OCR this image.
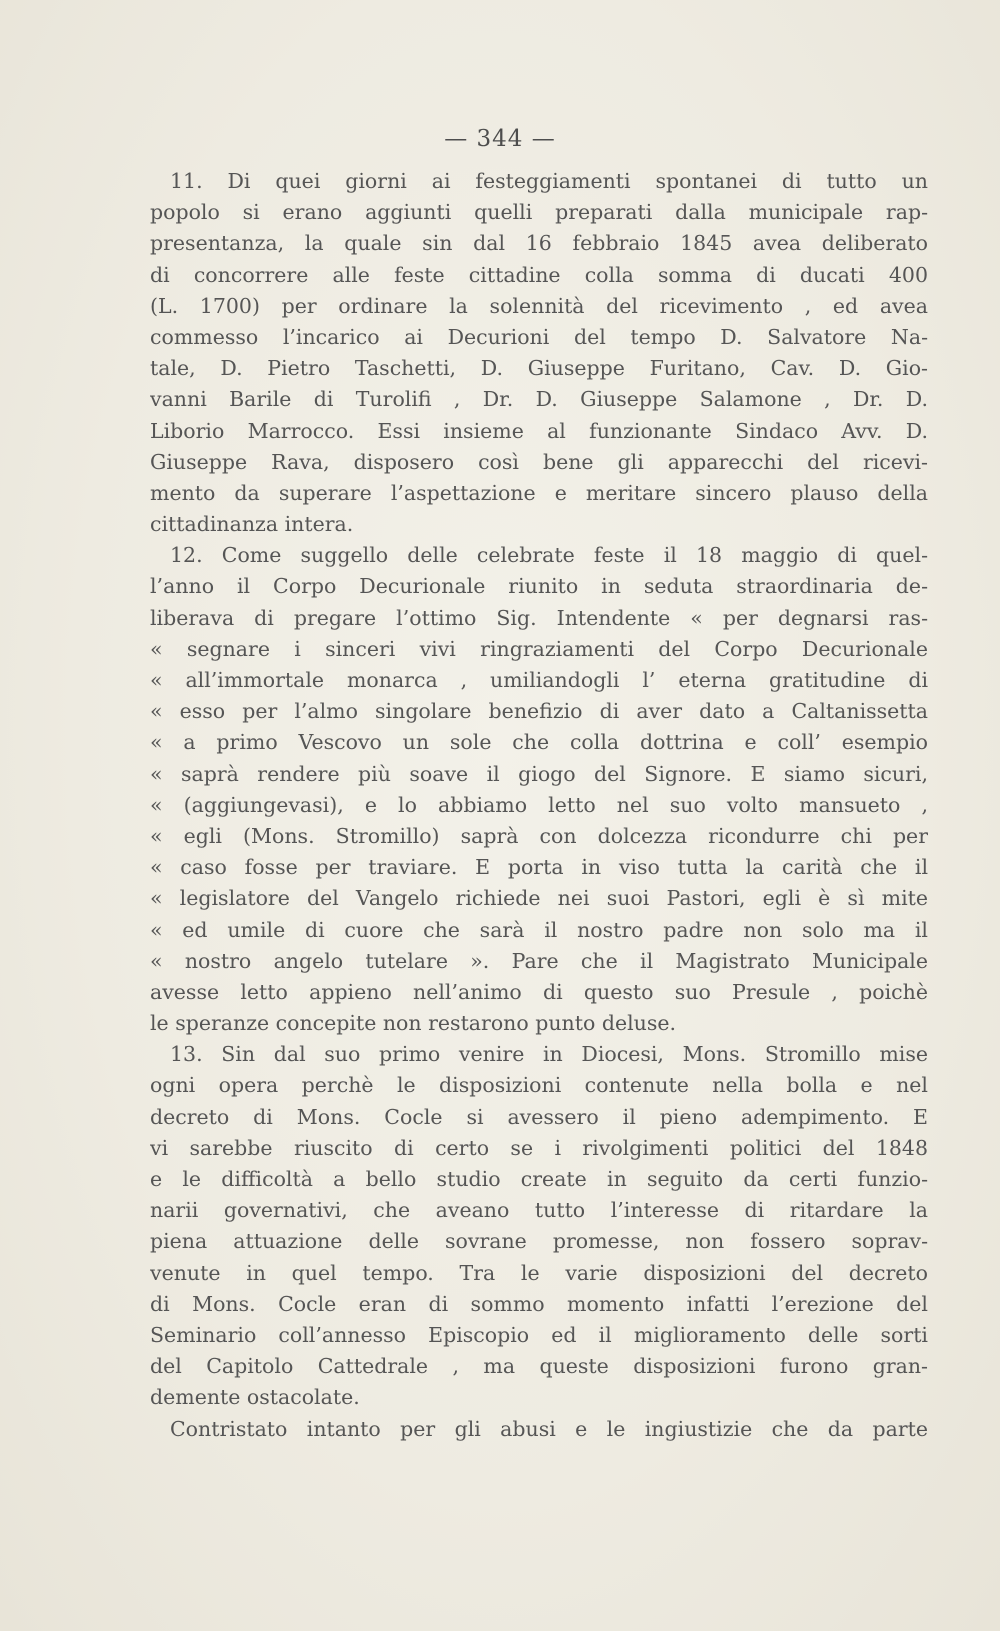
— 344 —
11. Di quei giorni ai festeggiamenti spontanei di tutto un
popolo si erano aggiunti quelli preparati dalla municipale rap-
presentanza, la quale sin dal 16 febbraio 1845 avea deliberato
di concorrere alle feste cittadine colla somma di ducati 400
(L. 1700) per ordinare la solennità del ricevimento , ed avea
commesso l’incarico ai Decurioni del tempo D. Salvatore Na-
tale, D. Pietro Taschetti, D. Giuseppe Furitano, Cav. D. Gio-
vanni Barile di Turolifi , Dr. D. Giuseppe Salamone , Dr. D.
Liborio Marrocco. Essi insieme al funzionante Sindaco Avv. D.
Giuseppe Rava, disposero così bene gli apparecchi del ricevi-
mento da superare l’aspettazione e meritare sincero plauso della
cittadinanza intera.
12. Come suggello delle celebrate feste il 18 maggio di quel-
l’anno il Corpo Decurionale riunito in seduta straordinaria de-
liberava di pregare l’ottimo Sig. Intendente « per degnarsi ras-
« segnare i sinceri vivi ringraziamenti del Corpo Decurionale
« all’immortale monarca , umiliandogli l’ eterna gratitudine di
« esso per l’almo singolare benefizio di aver dato a Caltanissetta
« a primo Vescovo un sole che colla dottrina e coll’ esempio
« saprà rendere più soave il giogo del Signore. E siamo sicuri,
« (aggiungevasi), e lo abbiamo letto nel suo volto mansueto ,
« egli (Mons. Stromillo) saprà con dolcezza ricondurre chi per
« caso fosse per traviare. E porta in viso tutta la carità che il
« legislatore del Vangelo richiede nei suoi Pastori, egli è sì mite
« ed umile di cuore che sarà il nostro padre non solo ma il
« nostro angelo tutelare ». Pare che il Magistrato Municipale
avesse letto appieno nell’animo di questo suo Presule , poichè
le speranze concepite non restarono punto deluse.
13. Sin dal suo primo venire in Diocesi, Mons. Stromillo mise
ogni opera perchè le disposizioni contenute nella bolla e nel
decreto di Mons. Cocle si avessero il pieno adempimento. E
vi sarebbe riuscito di certo se i rivolgimenti politici del 1848
e le difficoltà a bello studio create in seguito da certi funzio-
narii governativi, che aveano tutto l’interesse di ritardare la
piena attuazione delle sovrane promesse, non fossero soprav-
venute in quel tempo. Tra le varie disposizioni del decreto
di Mons. Cocle eran di sommo momento infatti l’erezione del
Seminario coll’annesso Episcopio ed il miglioramento delle sorti
del Capitolo Cattedrale , ma queste disposizioni furono gran-
demente ostacolate.
Contristato intanto per gli abusi e le ingiustizie che da parte
